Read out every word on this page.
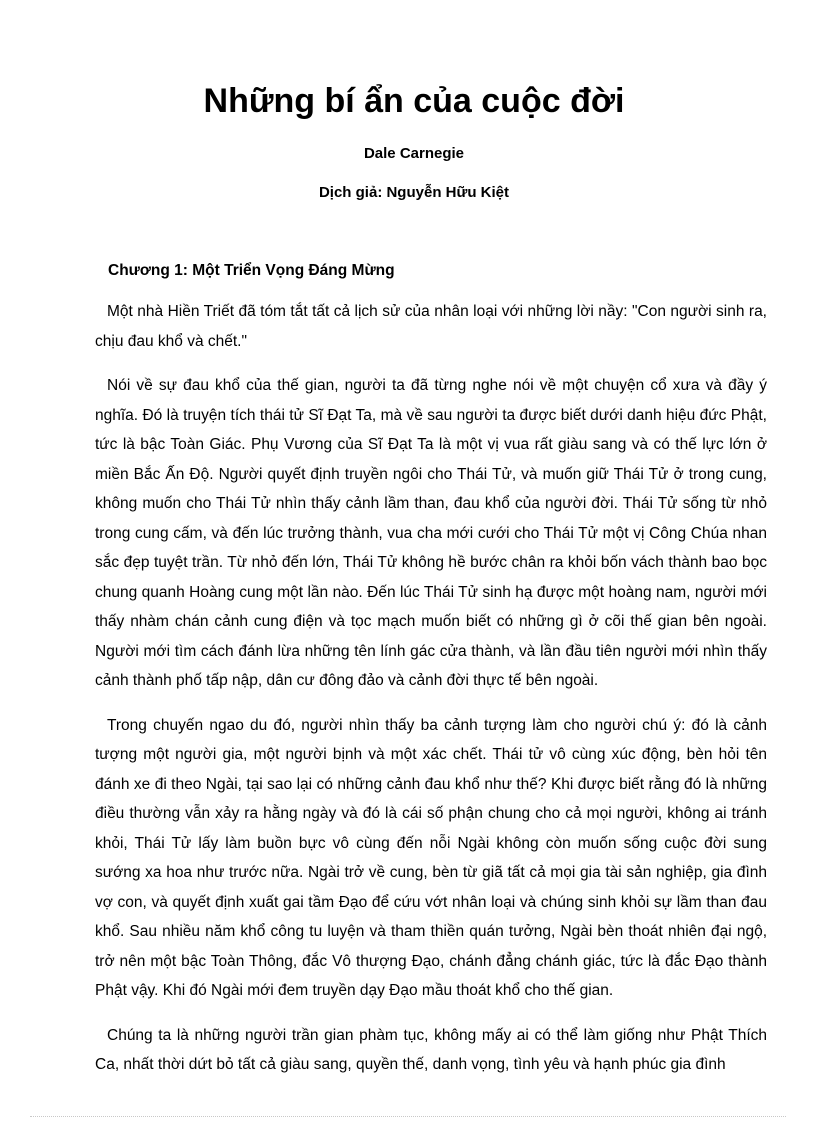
Những bí ẩn của cuộc đời

Dale Carnegie

Dịch giả: Nguyễn Hữu Kiệt

Chương 1: Một Triển Vọng Đáng Mừng

Một nhà Hiền Triết đã tóm tắt tất cả lịch sử của nhân loại với những lời nầy: "Con người sinh ra, chịu đau khổ và chết."

Nói về sự đau khổ của thế gian, người ta đã từng nghe nói về một chuyện cổ xưa và đầy ý nghĩa. Đó là truyện tích thái tử Sĩ Đạt Ta, mà về sau người ta được biết dưới danh hiệu đức Phật, tức là bậc Toàn Giác. Phụ Vương của Sĩ Đạt Ta là một vị vua rất giàu sang và có thế lực lớn ở miền Bắc Ấn Độ. Người quyết định truyền ngôi cho Thái Tử, và muốn giữ Thái Tử ở trong cung, không muốn cho Thái Tử nhìn thấy cảnh lầm than, đau khổ của người đời. Thái Tử sống từ nhỏ trong cung cấm, và đến lúc trưởng thành, vua cha mới cưới cho Thái Tử một vị Công Chúa nhan sắc đẹp tuyệt trần. Từ nhỏ đến lớn, Thái Tử không hề bước chân ra khỏi bốn vách thành bao bọc chung quanh Hoàng cung một lần nào. Đến lúc Thái Tử sinh hạ được một hoàng nam, người mới thấy nhàm chán cảnh cung điện và tọc mạch muốn biết có những gì ở cõi thế gian bên ngoài. Người mới tìm cách đánh lừa những tên lính gác cửa thành, và lần đầu tiên người mới nhìn thấy cảnh thành phố tấp nập, dân cư đông đảo và cảnh đời thực tế bên ngoài.

Trong chuyến ngao du đó, người nhìn thấy ba cảnh tượng làm cho người chú ý: đó là cảnh tượng một người gia, một người bịnh và một xác chết. Thái tử vô cùng xúc động, bèn hỏi tên đánh xe đi theo Ngài, tại sao lại có những cảnh đau khổ như thế? Khi được biết rằng đó là những điều thường vẫn xảy ra hằng ngày và đó là cái số phận chung cho cả mọi người, không ai tránh khỏi, Thái Tử lấy làm buồn bực vô cùng đến nỗi Ngài không còn muốn sống cuộc đời sung sướng xa hoa như trước nữa. Ngài trở về cung, bèn từ giã tất cả mọi gia tài sản nghiệp, gia đình vợ con, và quyết định xuất gai tầm Đạo để cứu vớt nhân loại và chúng sinh khỏi sự lầm than đau khổ. Sau nhiều năm khổ công tu luyện và tham thiền quán tưởng, Ngài bèn thoát nhiên đại ngộ, trở nên một bậc Toàn Thông, đắc Vô thượng Đạo, chánh đẳng chánh giác, tức là đắc Đạo thành Phật vậy. Khi đó Ngài mới đem truyền dạy Đạo mầu thoát khổ cho thế gian.

Chúng ta là những người trần gian phàm tục, không mấy ai có thể làm giống như Phật Thích Ca, nhất thời dứt bỏ tất cả giàu sang, quyền thế, danh vọng, tình yêu và hạnh phúc gia đình
